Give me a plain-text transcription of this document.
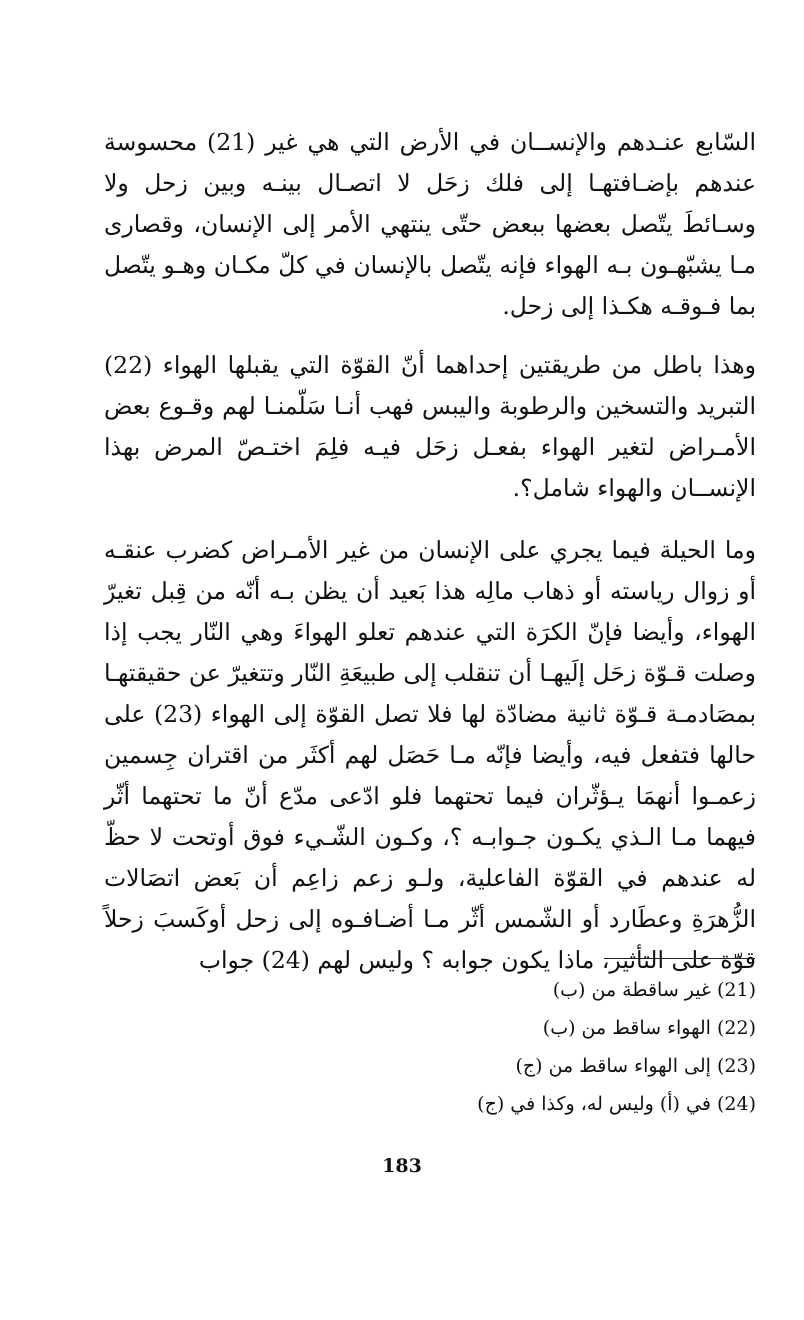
السّابع عنـدهم والإنســان في الأرض التي هي غير (21) محسوسة عندهم بإضـافتهـا إلى فلك زحَل لا اتصـال بينـه وبين زحل ولا وسـائطَ يتّصل بعضها ببعض حتّى ينتهي الأمر إلى الإنسان، وقصارى مـا يشبّهـون بـه الهواء فإنه يتّصل بالإنسان في كلّ مكـان وهـو يتّصل بما فـوقـه هكـذا إلى زحل.

وهذا باطل من طريقتين إحداهما أنّ القوّة التي يقبلها الهواء (22) التبريد والتسخين والرطوبة واليبس فهب أنـا سَلّمنـا لهم وقـوع بعض الأمـراض لتغير الهواء بفعـل زحَل فيـه فلِمَ اختـصّ المرض بهذا الإنســان والهواء شامل؟.

وما الحيلة فيما يجري على الإنسان من غير الأمـراض كضرب عنقـه أو زوال رياسته أو ذهاب مالِه هذا بَعيد أن يظن بـه أنّه من قِبل تغيرّ الهواء، وأيضا فإنّ الكرَة التي عندهم تعلو الهواءَ وهي النّار يجب إذا وصلت قـوّة زحَل إلَيهـا أن تنقلب إلى طبيعَةِ النّار وتتغيرّ عن حقيقتهـا بمصَادمـة قـوّة ثانية مضادّة لها فلا تصل القوّة إلى الهواء (23) على حالها فتفعل فيه، وأيضا فإنّه مـا حَصَل لهم أكثَر من اقتران جِسمين زعمـوا أنهمَا يـؤثّران فيما تحتهما فلو ادّعى مدّع أنّ ما تحتهما أثّر فيهما مـا الـذي يكـون جـوابـه ؟، وكـون الشّـيء فوق أوتحت لا حظّ له عندهم في القوّة الفاعلية، ولـو زعم زاعِم أن بَعض اتصَالات الزُّهرَةِ وعطَارد أو الشّمس أثّر مـا أضـافـوه إلى زحل أوكَسبَ زحلاً قوّة على التأثير، ماذا يكون جوابه ؟ وليس لهم (24) جواب

(21) غير ساقطة من (ب)
(22) الهواء ساقط من (ب)
(23) إلى الهواء ساقط من (ج)
(24) في (أ) وليس له، وكذا في (ج)
183
